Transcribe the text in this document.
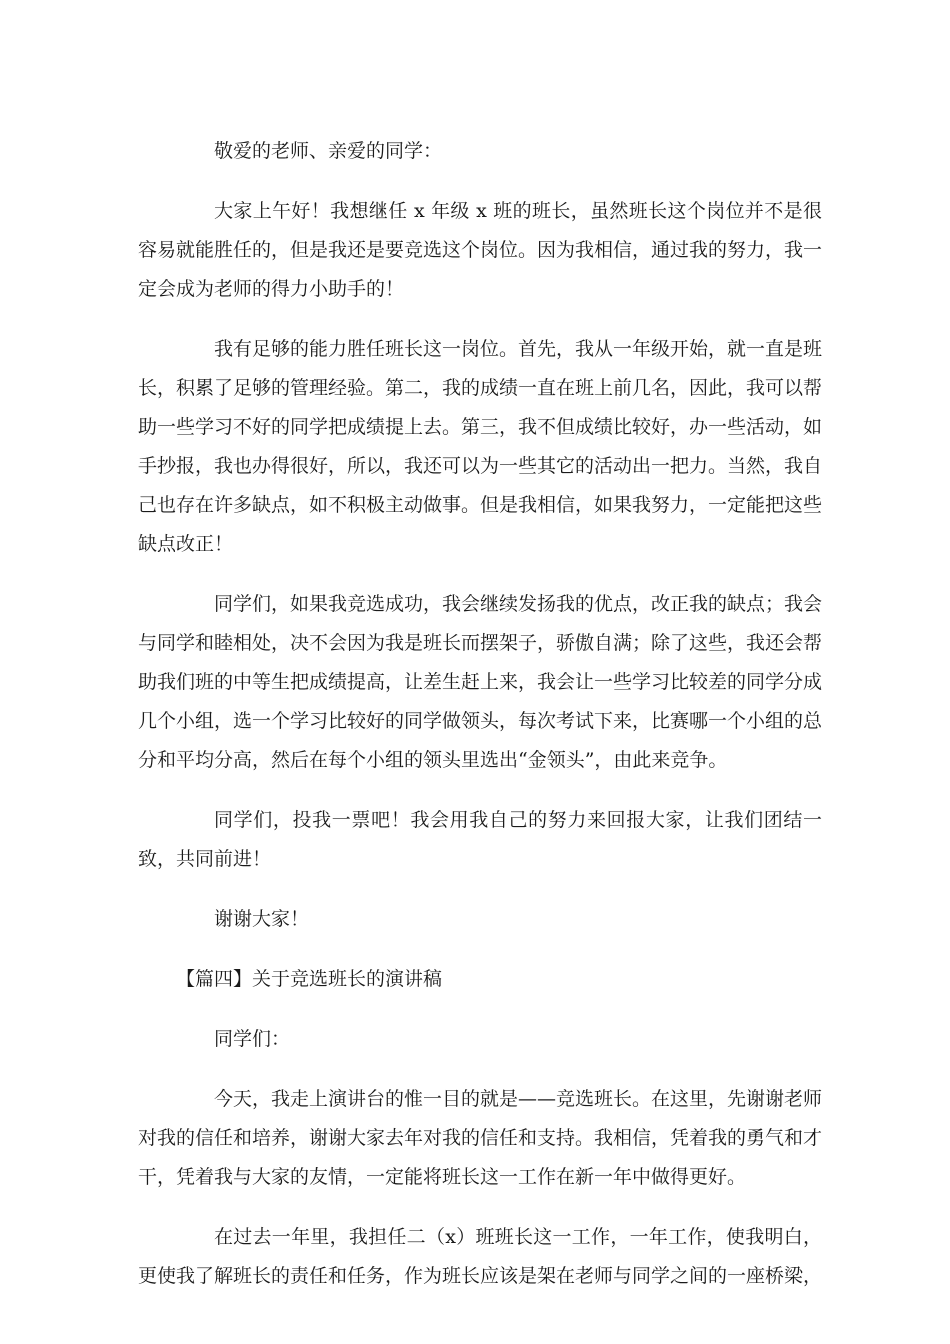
敬爱的老师、亲爱的同学：

大家上午好！我想继任 x 年级 x 班的班长，虽然班长这个岗位并不是很容易就能胜任的，但是我还是要竞选这个岗位。因为我相信，通过我的努力，我一定会成为老师的得力小助手的！

我有足够的能力胜任班长这一岗位。首先，我从一年级开始，就一直是班长，积累了足够的管理经验。第二，我的成绩一直在班上前几名，因此，我可以帮助一些学习不好的同学把成绩提上去。第三，我不但成绩比较好，办一些活动，如手抄报，我也办得很好，所以，我还可以为一些其它的活动出一把力。当然，我自己也存在许多缺点，如不积极主动做事。但是我相信，如果我努力，一定能把这些缺点改正！

同学们，如果我竞选成功，我会继续发扬我的优点，改正我的缺点；我会与同学和睦相处，决不会因为我是班长而摆架子，骄傲自满；除了这些，我还会帮助我们班的中等生把成绩提高，让差生赶上来，我会让一些学习比较差的同学分成几个小组，选一个学习比较好的同学做领头，每次考试下来，比赛哪一个小组的总分和平均分高，然后在每个小组的领头里选出“金领头”，由此来竞争。

同学们，投我一票吧！我会用我自己的努力来回报大家，让我们团结一致，共同前进！

谢谢大家！

【篇四】关于竞选班长的演讲稿

同学们：

今天，我走上演讲台的惟一目的就是——竞选班长。在这里，先谢谢老师对我的信任和培养，谢谢大家去年对我的信任和支持。我相信，凭着我的勇气和才干，凭着我与大家的友情，一定能将班长这一工作在新一年中做得更好。

在过去一年里，我担任二（x）班班长这一工作，一年工作，使我明白，更使我了解班长的责任和任务，作为班长应该是架在老师与同学之间的一座桥梁，
